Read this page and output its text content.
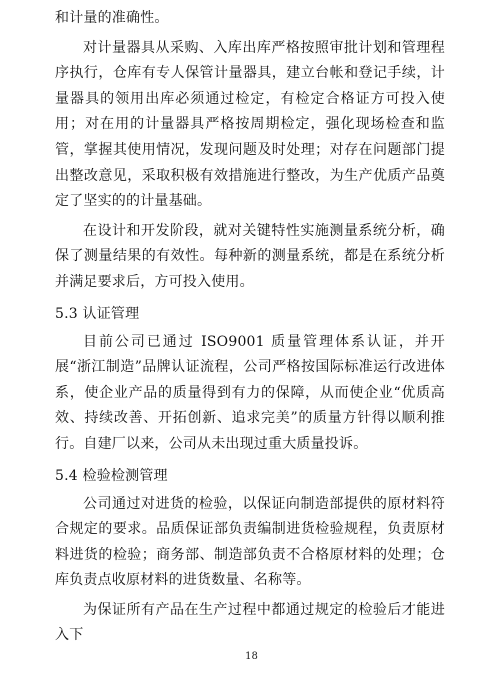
和计量的准确性。

对计量器具从采购、入库出库严格按照审批计划和管理程序执行，仓库有专人保管计量器具，建立台帐和登记手续，计量器具的领用出库必须通过检定，有检定合格证方可投入使用；对在用的计量器具严格按周期检定，强化现场检查和监管，掌握其使用情况，发现问题及时处理；对存在问题部门提出整改意见，采取积极有效措施进行整改，为生产优质产品奠定了坚实的的计量基础。

在设计和开发阶段，就对关键特性实施测量系统分析，确保了测量结果的有效性。每种新的测量系统，都是在系统分析并满足要求后，方可投入使用。

5.3 认证管理

目前公司已通过 ISO9001 质量管理体系认证，并开展“浙江制造”品牌认证流程，公司严格按国际标准运行改进体系，使企业产品的质量得到有力的保障，从而使企业“优质高效、持续改善、开拓创新、追求完美”的质量方针得以顺利推行。自建厂以来，公司从未出现过重大质量投诉。

5.4 检验检测管理

公司通过对进货的检验，以保证向制造部提供的原材料符合规定的要求。品质保证部负责编制进货检验规程，负责原材料进货的检验；商务部、制造部负责不合格原材料的处理；仓库负责点收原材料的进货数量、名称等。

为保证所有产品在生产过程中都通过规定的检验后才能进入下

18
